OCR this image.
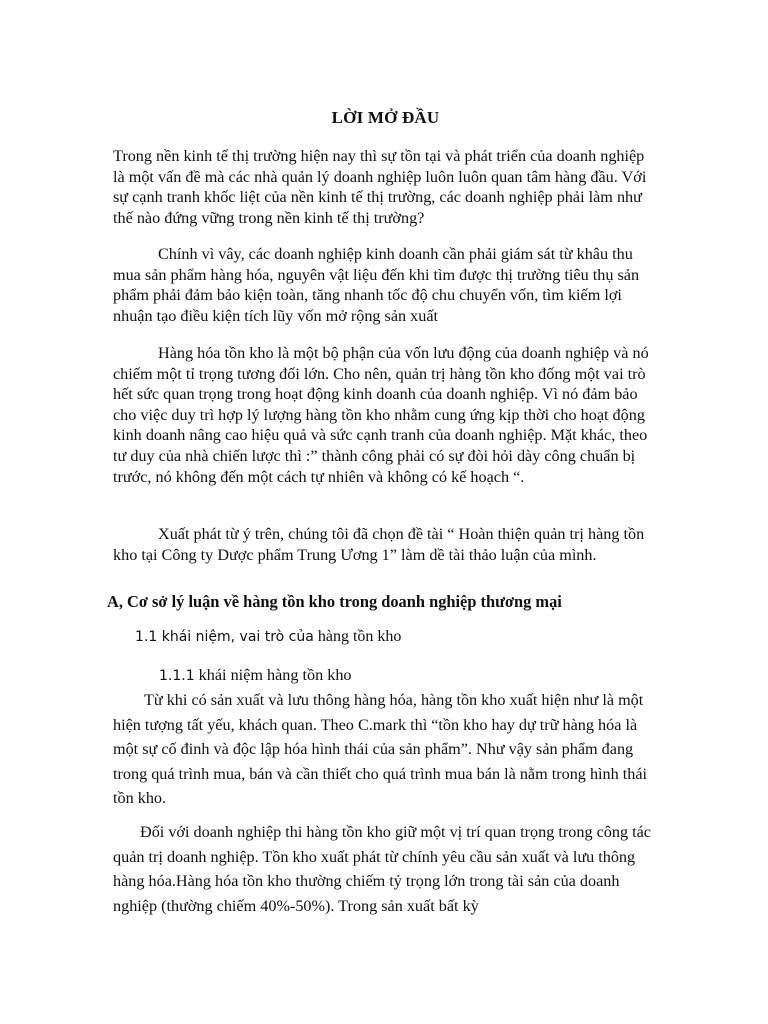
LỜI MỞ ĐẦU

Trong nền kinh tế thị trường hiện nay thì sự tồn tại và phát triển của doanh nghiệp là một vấn đề mà các nhà quản lý doanh nghiệp luôn luôn quan tâm hàng đầu. Với sự cạnh tranh khốc liệt của nền kinh tế thị trường, các doanh nghiệp phải làm như thế nào đứng vững trong nền kinh tế thị trường?

Chính vì vây, các doanh nghiệp kinh doanh cần phải giám sát từ khâu thu mua sản phẩm hàng hóa, nguyên vật liệu đến khi tìm được thị trường tiêu thụ sản phẩm phải đảm bảo kiện toàn, tăng nhanh tốc độ chu chuyển vốn, tìm kiếm lợi nhuận tạo điều kiện tích lũy vốn mở rộng sản xuất

Hàng hóa tồn kho là một bộ phận của vốn lưu động của doanh nghiệp và nó chiếm một tỉ trọng tương đối lớn. Cho nên, quản trị hàng tồn kho đống một vai trò hết sức quan trọng trong hoạt động kinh doanh của doanh nghiệp. Vì nó đảm bảo cho việc duy trì hợp lý lượng hàng tồn kho nhằm cung ứng kịp thời cho hoạt động kinh doanh nâng cao hiệu quả và sức cạnh tranh của doanh nghiệp. Mặt khác, theo tư duy của nhà chiến lược thì :” thành công phải có sự đòi hỏi dày công chuẩn bị trước, nó không đến một cách tự nhiên và không có kế hoạch “.

Xuất phát từ ý trên, chúng tôi đã chọn đề tài “ Hoàn thiện quản trị hàng tồn kho tại Công ty Dược phẩm Trung Ương 1” làm dề tài thảo luận của mình.

A, Cơ sở lý luận về hàng tồn kho trong doanh nghiệp thương mại
1.1 khái niệm, vai trò của hàng tồn kho
1.1.1 khái niệm hàng tồn kho

Từ khi có sản xuất và lưu thông hàng hóa, hàng tồn kho xuất hiện như là một hiện tượng tất yếu, khách quan. Theo C.mark thì “tồn kho hay dự trữ hàng hóa là một sự cố đinh và độc lập hóa hình thái của sản phẩm”. Như vậy sản phẩm đang trong quá trình mua, bán và cần thiết cho quá trình mua bán là nằm trong hình thái tồn kho.

Đối với doanh nghiệp thi hàng tồn kho giữ một vị trí quan trọng trong công tác quản trị doanh nghiệp. Tồn kho xuất phát từ chính yêu cầu sản xuất và lưu thông hàng hóa.Hàng hóa tồn kho thường chiếm tỷ trọng lớn trong tài sản của doanh nghiệp (thường chiếm 40%-50%). Trong sản xuất bất kỳ
